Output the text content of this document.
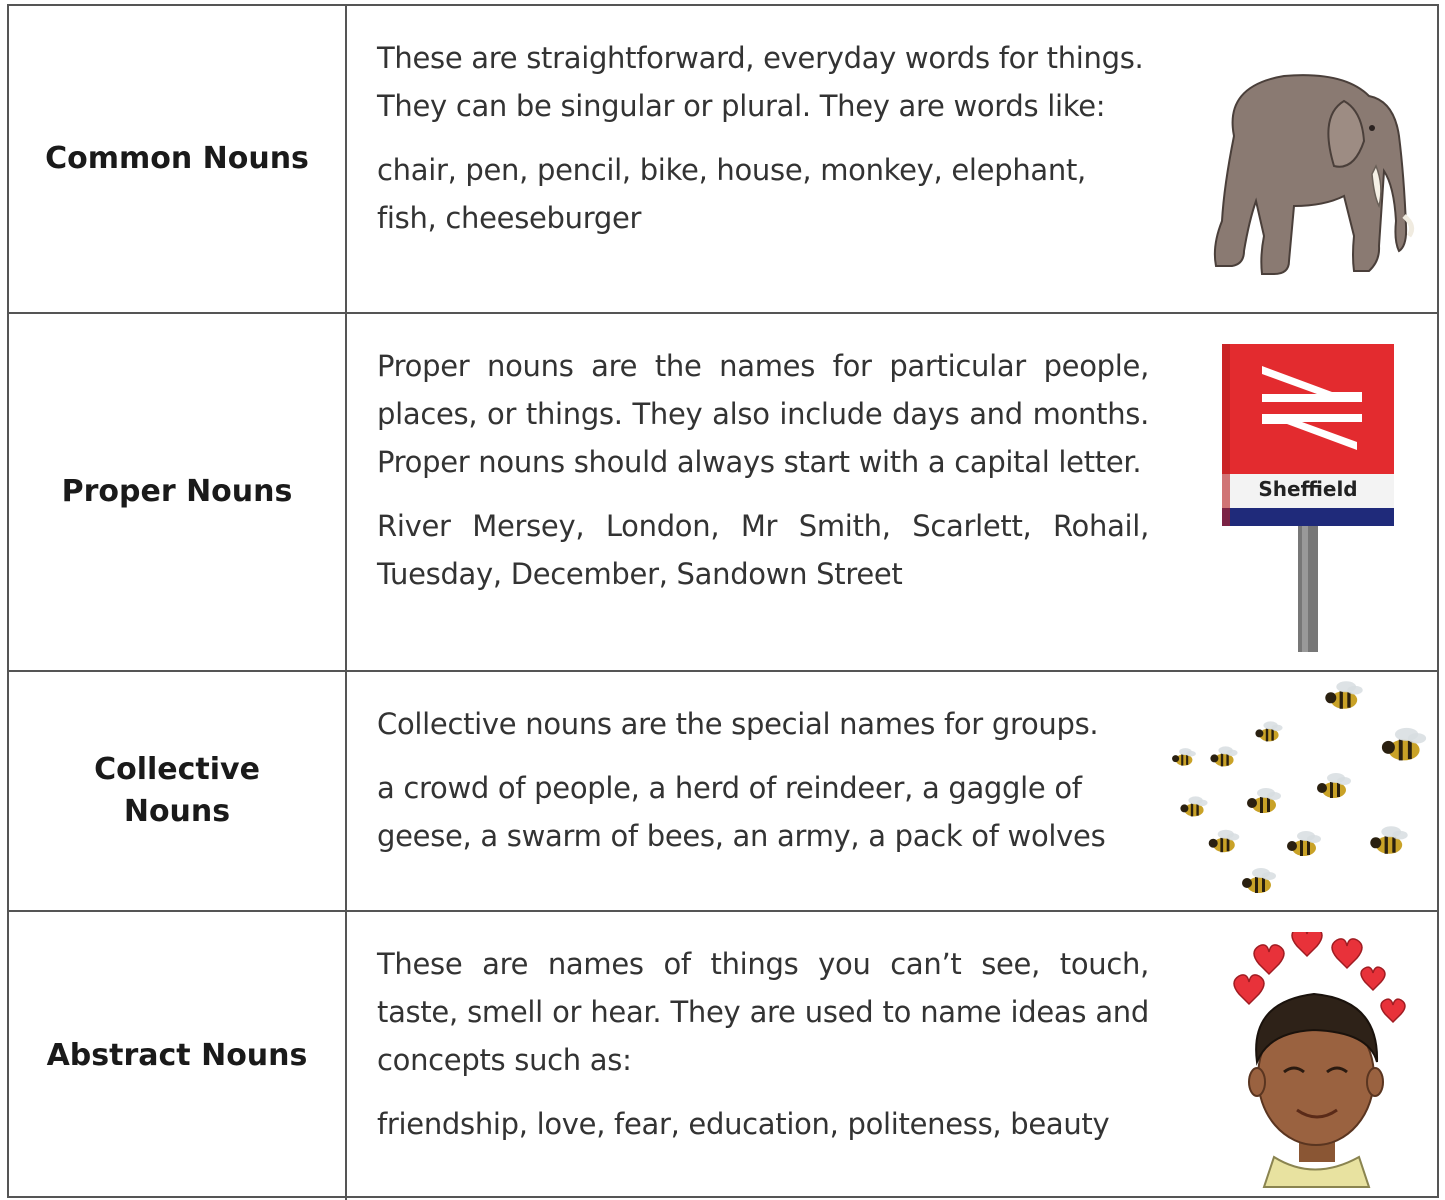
Common Nouns

These are straightforward, everyday words for things. They can be singular or plural. They are words like:

chair, pen, pencil, bike, house, monkey, elephant, fish, cheeseburger

Proper Nouns

Proper nouns are the names for particular people, places, or things. They also include days and months. Proper nouns should always start with a capital letter.

River Mersey, London, Mr Smith, Scarlett, Rohail, Tuesday, December, Sandown Street

Sheffield
Collective Nouns

Collective nouns are the special names for groups.

a crowd of people, a herd of reindeer, a gaggle of geese, a swarm of bees, an army, a pack of wolves

Abstract Nouns

These are names of things you can’t see, touch, taste, smell or hear. They are used to name ideas and concepts such as:

friendship, love, fear, education, politeness, beauty
